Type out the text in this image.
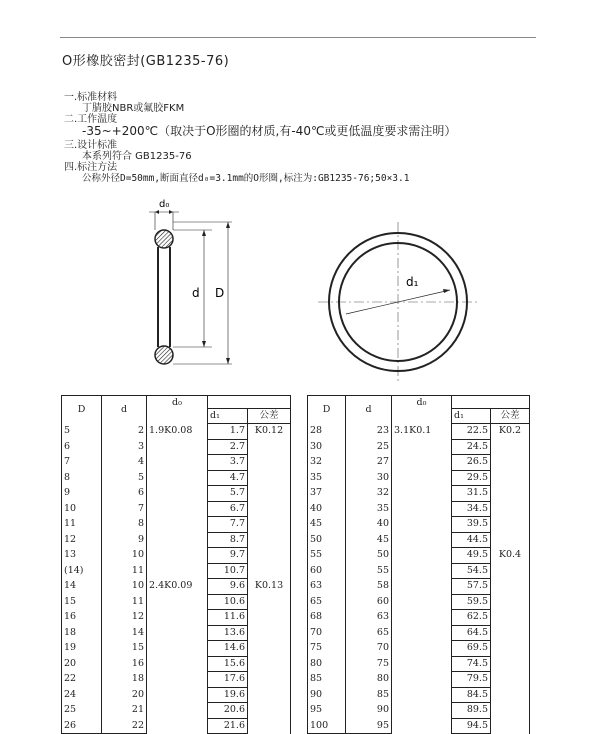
O形橡胶密封(GB1235-76)
一.标准材料
丁腈胶NBR或氟胶FKM
二.工作温度
-35~+200℃（取决于O形圈的材质,有-40℃或更低温度要求需注明）
三.设计标准
本系列符合 GB1235-76
四.标注方法
公称外径D=50mm,断面直径d₀=3.1mm的O形圈,标注为:GB1235-76;50×3.1
d₀
d D
d₁
D	d	d₀		
			d₁	公差
5	2	1.9K0.08	1.7	K0.12
6	3		2.7	
7	4		3.7	
8	5		4.7	
9	6		5.7	
10	7		6.7	
11	8		7.7	
12	9		8.7	
13	10		9.7	
(14)	11		10.7	
14	10	2.4K0.09	9.6	K0.13
15	11		10.6	
16	12		11.6	
18	14		13.6	
19	15		14.6	
20	16		15.6	
22	18		17.6	
24	20		19.6	
25	21		20.6	
26	22		21.6	
D	d	d₀		
			d₁	公差
28	23	3.1K0.1	22.5	K0.2
30	25		24.5	
32	27		26.5	
35	30		29.5	
37	32		31.5	
40	35		34.5	
45	40		39.5	
50	45		44.5	
55	50		49.5	K0.4
60	55		54.5	
63	58		57.5	
65	60		59.5	
68	63		62.5	
70	65		64.5	
75	70		69.5	
80	75		74.5	
85	80		79.5	
90	85		84.5	
95	90		89.5	
100	95		94.5	
